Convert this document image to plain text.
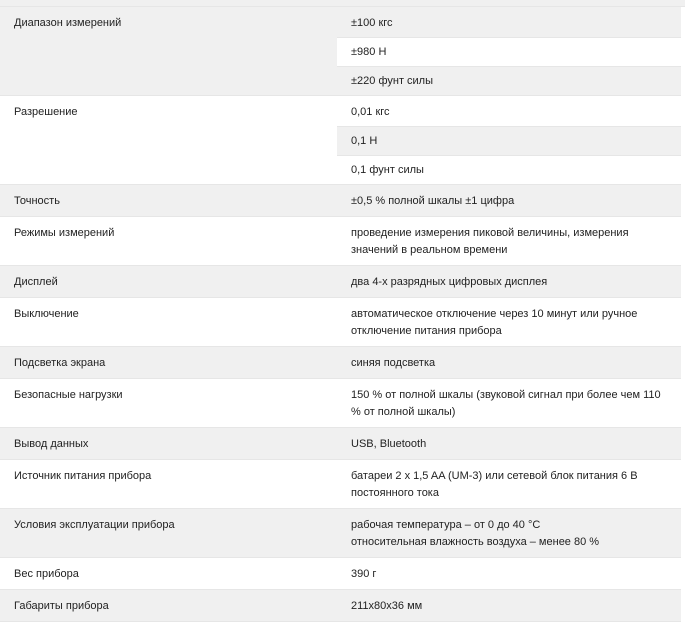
Диапазон измерений	±100 кгс
±980 Н
±220 фунт силы

Разрешение	0,01 кгс
0,1 Н
0,1 фунт силы

Точность	±0,5 % полной шкалы ±1 цифра
Режимы измерений	проведение измерения пиковой величины, измерения значений в реальном времени
Дисплей	два 4-х разрядных цифровых дисплея
Выключение	автоматическое отключение через 10 минут или ручное отключение питания прибора
Подсветка экрана	синяя подсветка
Безопасные нагрузки	150 % от полной шкалы (звуковой сигнал при более чем 110 % от полной шкалы)
Вывод данных	USB, Bluetooth
Источник питания прибора	батареи 2 x 1,5 AA (UM-3) или сетевой блок питания 6 В постоянного тока
Условия эксплуатации прибора	рабочая температура – от 0 до 40 °C
относительная влажность воздуха – менее 80 %

Вес прибора	390 г
Габариты прибора	211x80x36 мм
